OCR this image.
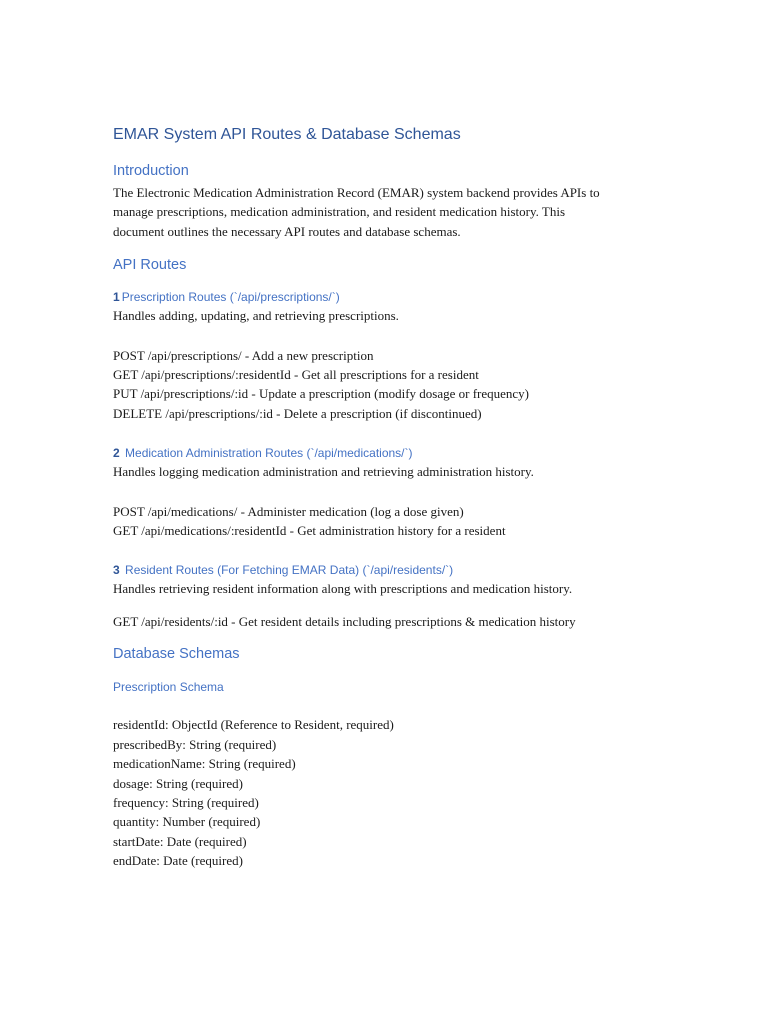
EMAR System API Routes & Database Schemas
Introduction
The Electronic Medication Administration Record (EMAR) system backend provides APIs to
manage prescriptions, medication administration, and resident medication history. This
document outlines the necessary API routes and database schemas.
API Routes
1 Prescription Routes (`/api/prescriptions/`)
Handles adding, updating, and retrieving prescriptions.
POST /api/prescriptions/ - Add a new prescription
GET /api/prescriptions/:residentId - Get all prescriptions for a resident
PUT /api/prescriptions/:id - Update a prescription (modify dosage or frequency)
DELETE /api/prescriptions/:id - Delete a prescription (if discontinued)
2 Medication Administration Routes (`/api/medications/`)
Handles logging medication administration and retrieving administration history.
POST /api/medications/ - Administer medication (log a dose given)
GET /api/medications/:residentId - Get administration history for a resident
3 Resident Routes (For Fetching EMAR Data) (`/api/residents/`)
Handles retrieving resident information along with prescriptions and medication history.
GET /api/residents/:id - Get resident details including prescriptions & medication history
Database Schemas
Prescription Schema
residentId: ObjectId (Reference to Resident, required)
prescribedBy: String (required)
medicationName: String (required)
dosage: String (required)
frequency: String (required)
quantity: Number (required)
startDate: Date (required)
endDate: Date (required)
